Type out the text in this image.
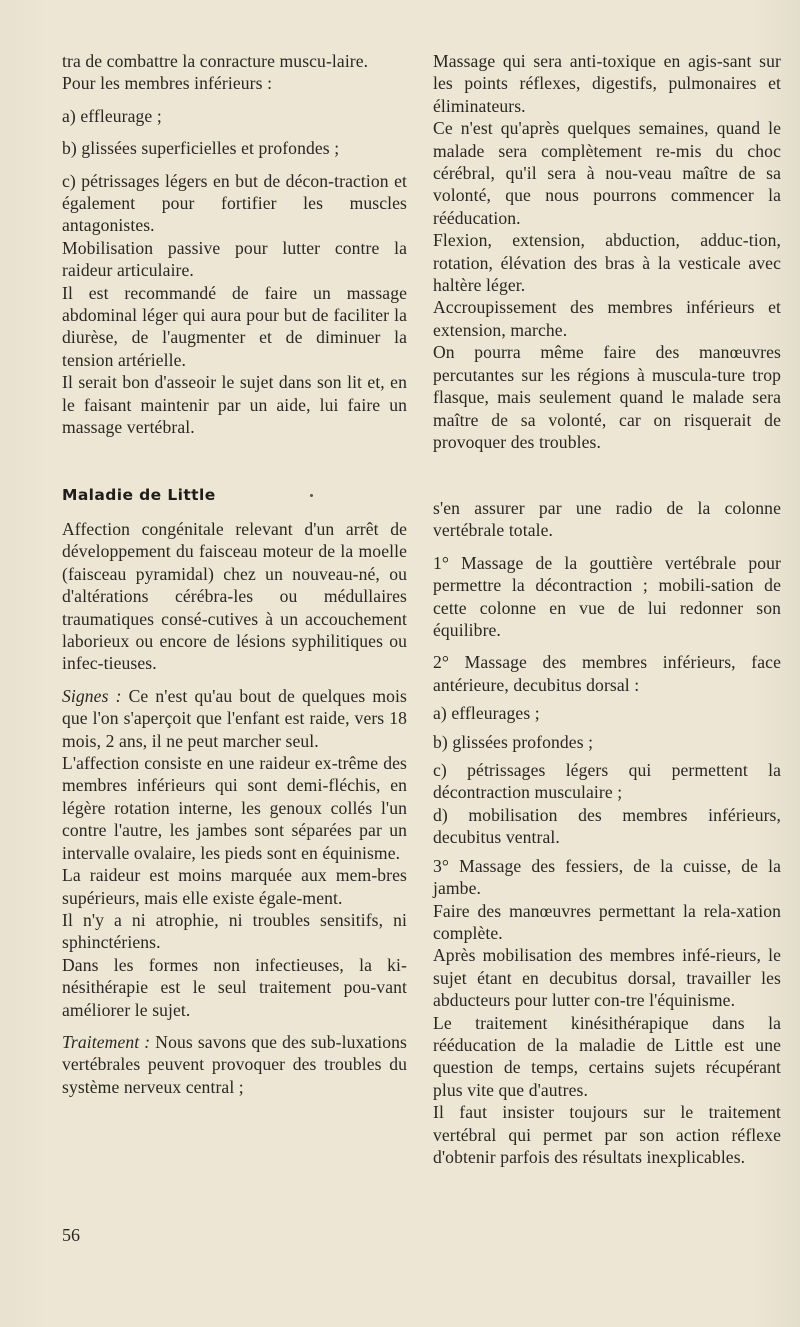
tra de combattre la conracture muscu-laire.

Pour les membres inférieurs :

a) effleurage ;

b) glissées superficielles et profondes ;

c) pétrissages légers en but de décon-traction et également pour fortifier les muscles antagonistes.

Mobilisation passive pour lutter contre la raideur articulaire.

Il est recommandé de faire un massage abdominal léger qui aura pour but de faciliter la diurèse, de l'augmenter et de diminuer la tension artérielle.

Il serait bon d'asseoir le sujet dans son lit et, en le faisant maintenir par un aide, lui faire un massage vertébral.

Massage qui sera anti-toxique en agis-sant sur les points réflexes, digestifs, pulmonaires et éliminateurs.

Ce n'est qu'après quelques semaines, quand le malade sera complètement re-mis du choc cérébral, qu'il sera à nou-veau maître de sa volonté, que nous pourrons commencer la rééducation.

Flexion, extension, abduction, adduc-tion, rotation, élévation des bras à la vesticale avec haltère léger.

Accroupissement des membres inférieurs et extension, marche.

On pourra même faire des manœuvres percutantes sur les régions à muscula-ture trop flasque, mais seulement quand le malade sera maître de sa volonté, car on risquerait de provoquer des troubles.

Maladie de Little

Affection congénitale relevant d'un arrêt de développement du faisceau moteur de la moelle (faisceau pyramidal) chez un nouveau-né, ou d'altérations cérébra-les ou médullaires traumatiques consé-cutives à un accouchement laborieux ou encore de lésions syphilitiques ou infec-tieuses.

Signes : Ce n'est qu'au bout de quelques mois que l'on s'aperçoit que l'enfant est raide, vers 18 mois, 2 ans, il ne peut marcher seul.

L'affection consiste en une raideur ex-trême des membres inférieurs qui sont demi-fléchis, en légère rotation interne, les genoux collés l'un contre l'autre, les jambes sont séparées par un intervalle ovalaire, les pieds sont en équinisme.

La raideur est moins marquée aux mem-bres supérieurs, mais elle existe égale-ment.

Il n'y a ni atrophie, ni troubles sensitifs, ni sphinctériens.

Dans les formes non infectieuses, la ki-nésithérapie est le seul traitement pou-vant améliorer le sujet.

Traitement : Nous savons que des sub-luxations vertébrales peuvent provoquer des troubles du système nerveux central ;

s'en assurer par une radio de la colonne vertébrale totale.

1° Massage de la gouttière vertébrale pour permettre la décontraction ; mobili-sation de cette colonne en vue de lui redonner son équilibre.

2° Massage des membres inférieurs, face antérieure, decubitus dorsal :

a) effleurages ;

b) glissées profondes ;

c) pétrissages légers qui permettent la décontraction musculaire ;

d) mobilisation des membres inférieurs, decubitus ventral.

3° Massage des fessiers, de la cuisse, de la jambe.

Faire des manœuvres permettant la rela-xation complète.

Après mobilisation des membres infé-rieurs, le sujet étant en decubitus dorsal, travailler les abducteurs pour lutter con-tre l'équinisme.

Le traitement kinésithérapique dans la rééducation de la maladie de Little est une question de temps, certains sujets récupérant plus vite que d'autres.

Il faut insister toujours sur le traitement vertébral qui permet par son action réflexe d'obtenir parfois des résultats inexplicables.

56
